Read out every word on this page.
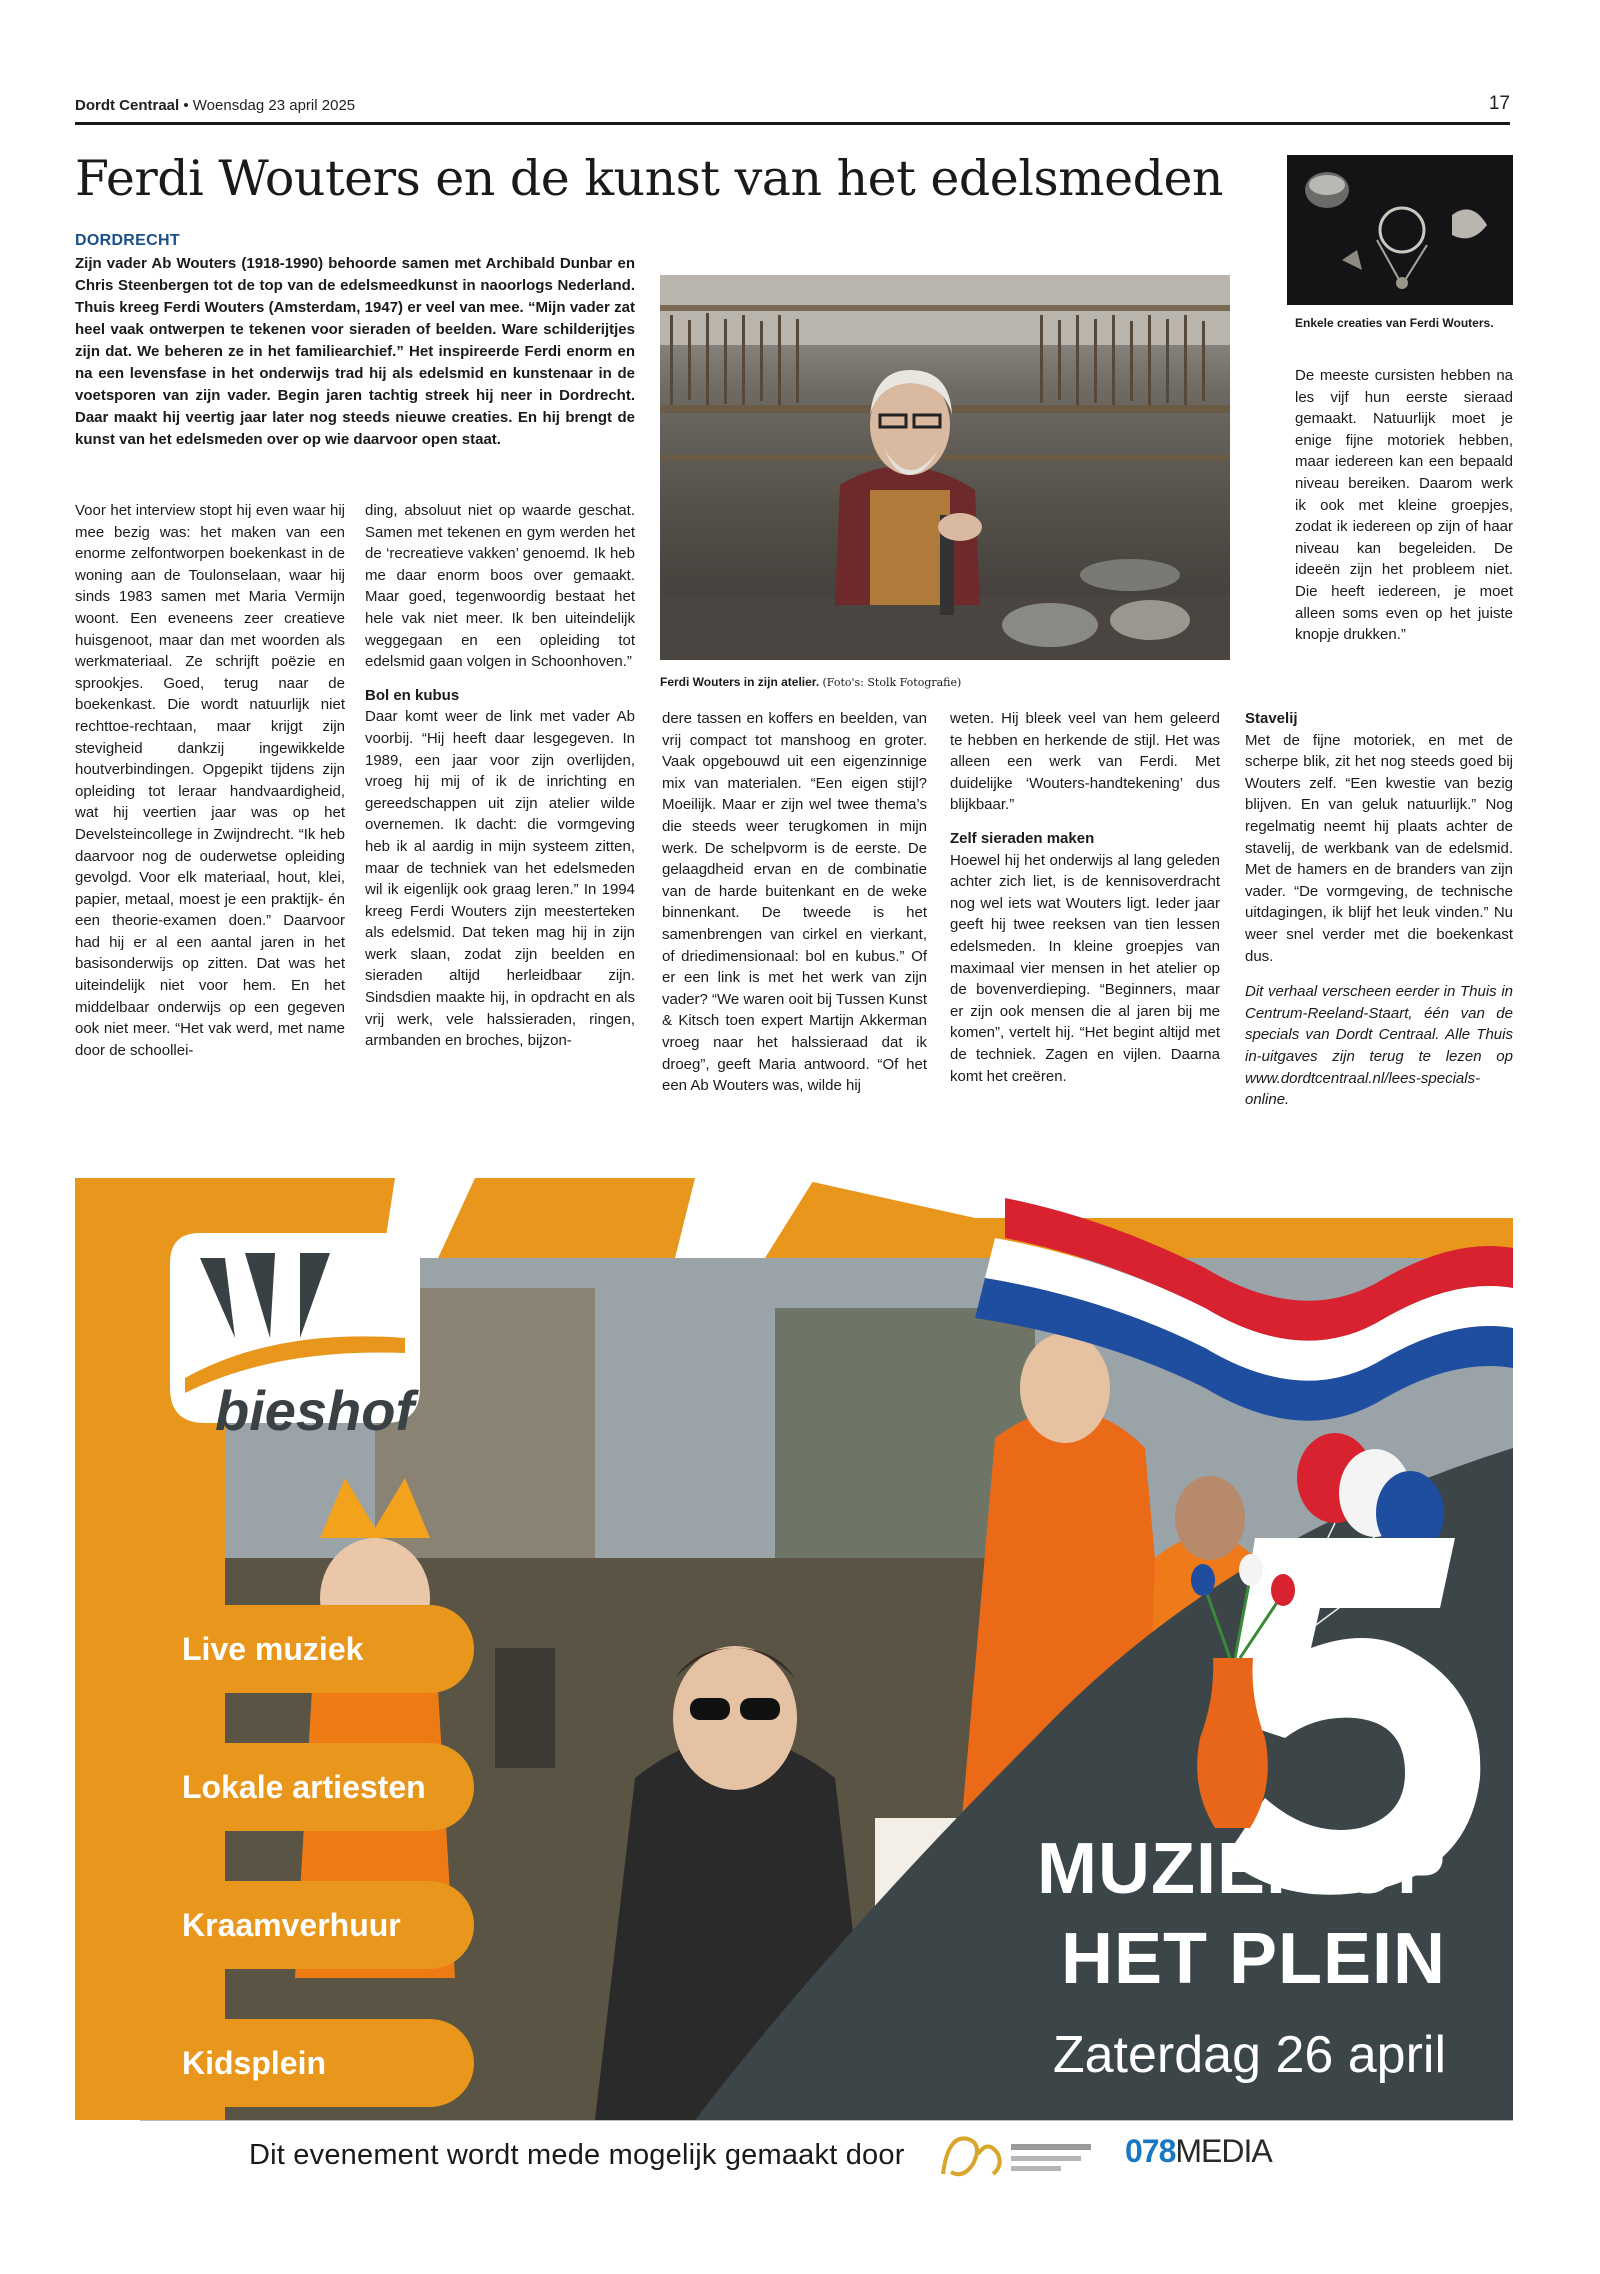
Dordt Centraal • Woensdag 23 april 2025	17
Ferdi Wouters en de kunst van het edelsmeden
DORDRECHT

Zijn vader Ab Wouters (1918-1990) behoorde samen met Archibald Dunbar en Chris Steenbergen tot de top van de edelsmeedkunst in naoorlogs Nederland. Thuis kreeg Ferdi Wouters (Amsterdam, 1947) er veel van mee. “Mijn vader zat heel vaak ontwerpen te tekenen voor sieraden of beelden. Ware schilderijtjes zijn dat. We beheren ze in het familiearchief.” Het inspireerde Ferdi enorm en na een levensfase in het onderwijs trad hij als edelsmid en kunstenaar in de voetsporen van zijn vader. Begin jaren tachtig streek hij neer in Dordrecht. Daar maakt hij veertig jaar later nog steeds nieuwe creaties. En hij brengt de kunst van het edelsmeden over op wie daarvoor open staat.

Ferdi Wouters in zijn atelier. (Foto's: Stolk Fotografie)
Enkele creaties van Ferdi Wouters.

Voor het interview stopt hij even waar hij mee bezig was: het maken van een enorme zelfontworpen boekenkast in de woning aan de Toulonselaan, waar hij sinds 1983 samen met Maria Vermijn woont. Een eveneens zeer creatieve huisgenoot, maar dan met woorden als werkmateriaal. Ze schrijft poëzie en sprookjes. Goed, terug naar de boekenkast. Die wordt natuurlijk niet rechttoe-rechtaan, maar krijgt zijn stevigheid dankzij ingewikkelde houtverbindingen. Opgepikt tijdens zijn opleiding tot leraar handvaardigheid, wat hij veertien jaar was op het Develsteincollege in Zwijndrecht. “Ik heb daarvoor nog de ouderwetse opleiding gevolgd. Voor elk materiaal, hout, klei, papier, metaal, moest je een praktijk- én een theorie-examen doen.” Daarvoor had hij er al een aantal jaren in het basisonderwijs op zitten. Dat was het uiteindelijk niet voor hem. En het middelbaar onderwijs op een gegeven ook niet meer. “Het vak werd, met name door de schoollei-

ding, absoluut niet op waarde geschat. Samen met tekenen en gym werden het de ‘recreatieve vakken’ genoemd. Ik heb me daar enorm boos over gemaakt. Maar goed, tegenwoordig bestaat het hele vak niet meer. Ik ben uiteindelijk weggegaan en een opleiding tot edelsmid gaan volgen in Schoonhoven.”

Bol en kubus

Daar komt weer de link met vader Ab voorbij. “Hij heeft daar lesgegeven. In 1989, een jaar voor zijn overlijden, vroeg hij mij of ik de inrichting en gereedschappen uit zijn atelier wilde overnemen. Ik dacht: die vormgeving heb ik al aardig in mijn systeem zitten, maar de techniek van het edelsmeden wil ik eigenlijk ook graag leren.” In 1994 kreeg Ferdi Wouters zijn meesterteken als edelsmid. Dat teken mag hij in zijn werk slaan, zodat zijn beelden en sieraden altijd herleidbaar zijn. Sindsdien maakte hij, in opdracht en als vrij werk, vele halssieraden, ringen, armbanden en broches, bijzon-

dere tassen en koffers en beelden, van vrij compact tot manshoog en groter. Vaak opgebouwd uit een eigenzinnige mix van materialen. “Een eigen stijl? Moeilijk. Maar er zijn wel twee thema’s die steeds weer terugkomen in mijn werk. De schelpvorm is de eerste. De gelaagdheid ervan en de combinatie van de harde buitenkant en de weke binnenkant. De tweede is het samenbrengen van cirkel en vierkant, of driedimensionaal: bol en kubus.” Of er een link is met het werk van zijn vader? “We waren ooit bij Tussen Kunst & Kitsch toen expert Martijn Akkerman vroeg naar het halssieraad dat ik droeg”, geeft Maria antwoord. “Of het een Ab Wouters was, wilde hij

weten. Hij bleek veel van hem geleerd te hebben en herkende de stijl. Het was alleen een werk van Ferdi. Met duidelijke ‘Wouters-handtekening’ dus blijkbaar.”

Zelf sieraden maken

Hoewel hij het onderwijs al lang geleden achter zich liet, is de kennisoverdracht nog wel iets wat Wouters ligt. Ieder jaar geeft hij twee reeksen van tien lessen edelsmeden. In kleine groepjes van maximaal vier mensen in het atelier op de bovenverdieping. “Beginners, maar er zijn ook mensen die al jaren bij me komen”, vertelt hij. “Het begint altijd met de techniek. Zagen en vijlen. Daarna komt het creëren.

De meeste cursisten hebben na les vijf hun eerste sieraad gemaakt. Natuurlijk moet je enige fijne motoriek hebben, maar iedereen kan een bepaald niveau bereiken. Daarom werk ik ook met kleine groepjes, zodat ik iedereen op zijn of haar niveau kan begeleiden. De ideeën zijn het probleem niet. Die heeft iedereen, je moet alleen soms even op het juiste knopje drukken.”

Stavelij

Met de fijne motoriek, en met de scherpe blik, zit het nog steeds goed bij Wouters zelf. “Een kwestie van bezig blijven. En van geluk natuurlijk.” Nog regelmatig neemt hij plaats achter de stavelij, de werkbank van de edelsmid. Met de hamers en de branders van zijn vader. “De vormgeving, de technische uitdagingen, ik blijf het leuk vinden.” Nu weer snel verder met die boekenkast dus.

Dit verhaal verscheen eerder in Thuis in Centrum-Reeland-Staart, één van de specials van Dordt Centraal. Alle Thuis in-uitgaves zijn terug te lezen op www.dordtcentraal.nl/lees-specials-online.

bieshof
Live muziek
Lokale artiesten
Kraamverhuur
Kidsplein
MUZIEK OP
HET PLEIN
Zaterdag 26 april
Dit evenement wordt mede mogelijk gemaakt door	078MEDIA
